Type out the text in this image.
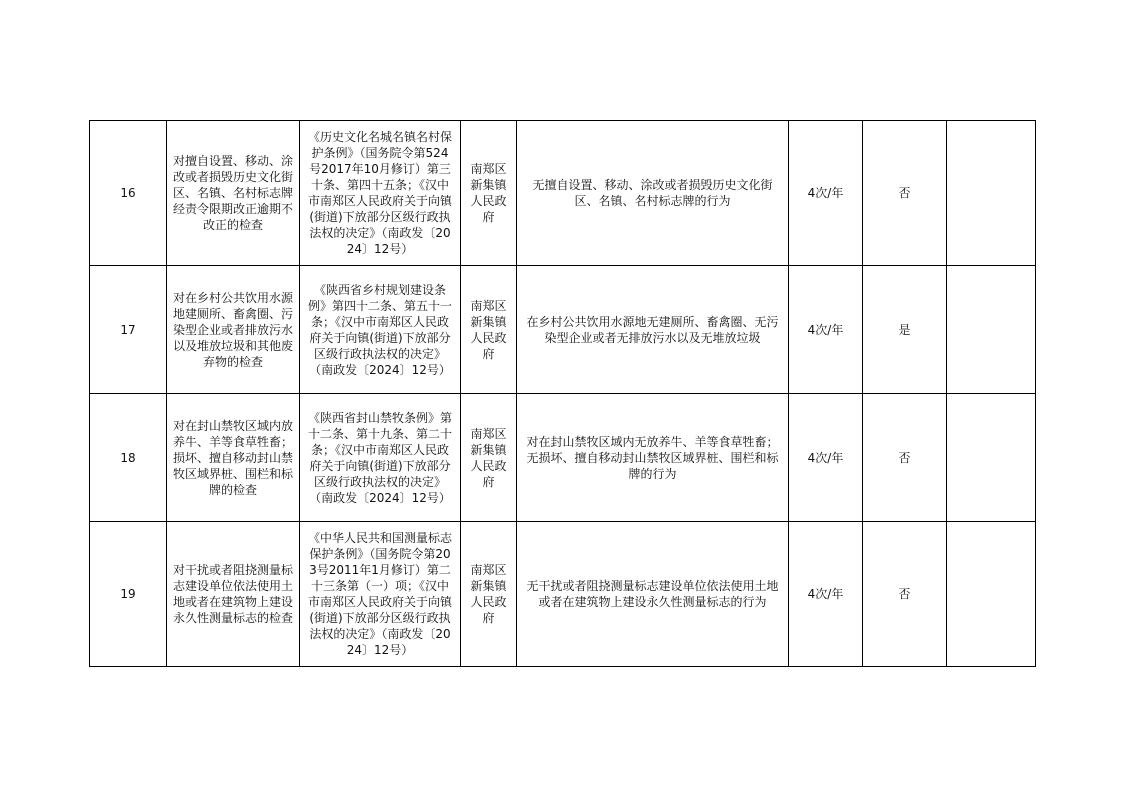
16	对擅自设置、移动、涂改或者损毁历史文化街区、名镇、名村标志牌经责令限期改正逾期不改正的检查	《历史文化名城名镇名村保护条例》（国务院令第524号2017年10月修订）第三十条、第四十五条；《汉中市南郑区人民政府关于向镇(街道)下放部分区级行政执法权的决定》（南政发〔2024〕12号）	南郑区新集镇人民政府	无擅自设置、移动、涂改或者损毁历史文化街区、名镇、名村标志牌的行为	4次/年	否	
17	对在乡村公共饮用水源地建厕所、畜禽圈、污染型企业或者排放污水以及堆放垃圾和其他废弃物的检查	《陕西省乡村规划建设条例》第四十二条、第五十一条；《汉中市南郑区人民政府关于向镇(街道)下放部分区级行政执法权的决定》（南政发〔2024〕12号）	南郑区新集镇人民政府	在乡村公共饮用水源地无建厕所、畜禽圈、无污染型企业或者无排放污水以及无堆放垃圾	4次/年	是	
18	对在封山禁牧区域内放养牛、羊等食草牲畜；损坏、擅自移动封山禁牧区域界桩、围栏和标牌的检查	《陕西省封山禁牧条例》第十二条、第十九条、第二十条；《汉中市南郑区人民政府关于向镇(街道)下放部分区级行政执法权的决定》（南政发〔2024〕12号）	南郑区新集镇人民政府	对在封山禁牧区域内无放养牛、羊等食草牲畜；无损坏、擅自移动封山禁牧区域界桩、围栏和标牌的行为	4次/年	否	
19	对干扰或者阻挠测量标志建设单位依法使用土地或者在建筑物上建设永久性测量标志的检查	《中华人民共和国测量标志保护条例》（国务院令第203号2011年1月修订）第二十三条第（一）项；《汉中市南郑区人民政府关于向镇(街道)下放部分区级行政执法权的决定》（南政发〔2024〕12号）	南郑区新集镇人民政府	无干扰或者阻挠测量标志建设单位依法使用土地或者在建筑物上建设永久性测量标志的行为	4次/年	否	
